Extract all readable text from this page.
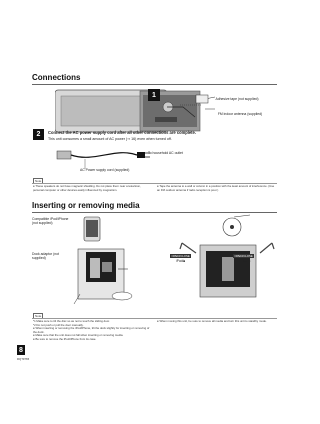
Connections
1
Adhesive tape (not supplied)
FM indoor antenna (supplied)
2	Connect the AC power supply cord after all other connections are complete.
This unit consumes a small amount of AC power (⇒ 16) even when turned off.
To household AC outlet
AC Power supply cord (supplied)
Note
● These speakers do not have magnetic shielding. Do not place them near a television, personal computer or other devices easily influenced by magnetism.
● Tape the antenna to a wall or column in a position with the least amount of interference. (Use an FM outdoor antenna if radio reception is poor.)
Inserting or removing media
Compatible iPod/iPhone (not supplied)
Dock adaptor (not supplied)
OPEN/CLOSE
iPod/■
OPEN/CLOSE
CD ■
Note
*1 Make sure to tilt the disc so as not to touch the sliding door.
*2 Do not push or pull the door manually.
● When inserting or removing the iPod/iPhone, tilt the dock slightly for inserting or removing of the dock.
● Make sure that the unit does not fall when inserting or removing media.
● Be sure to remove the iPod/iPhone from its case.
● When moving this unit, be sure to remove all media and turn this unit to standby mode.
8
RQT9765
